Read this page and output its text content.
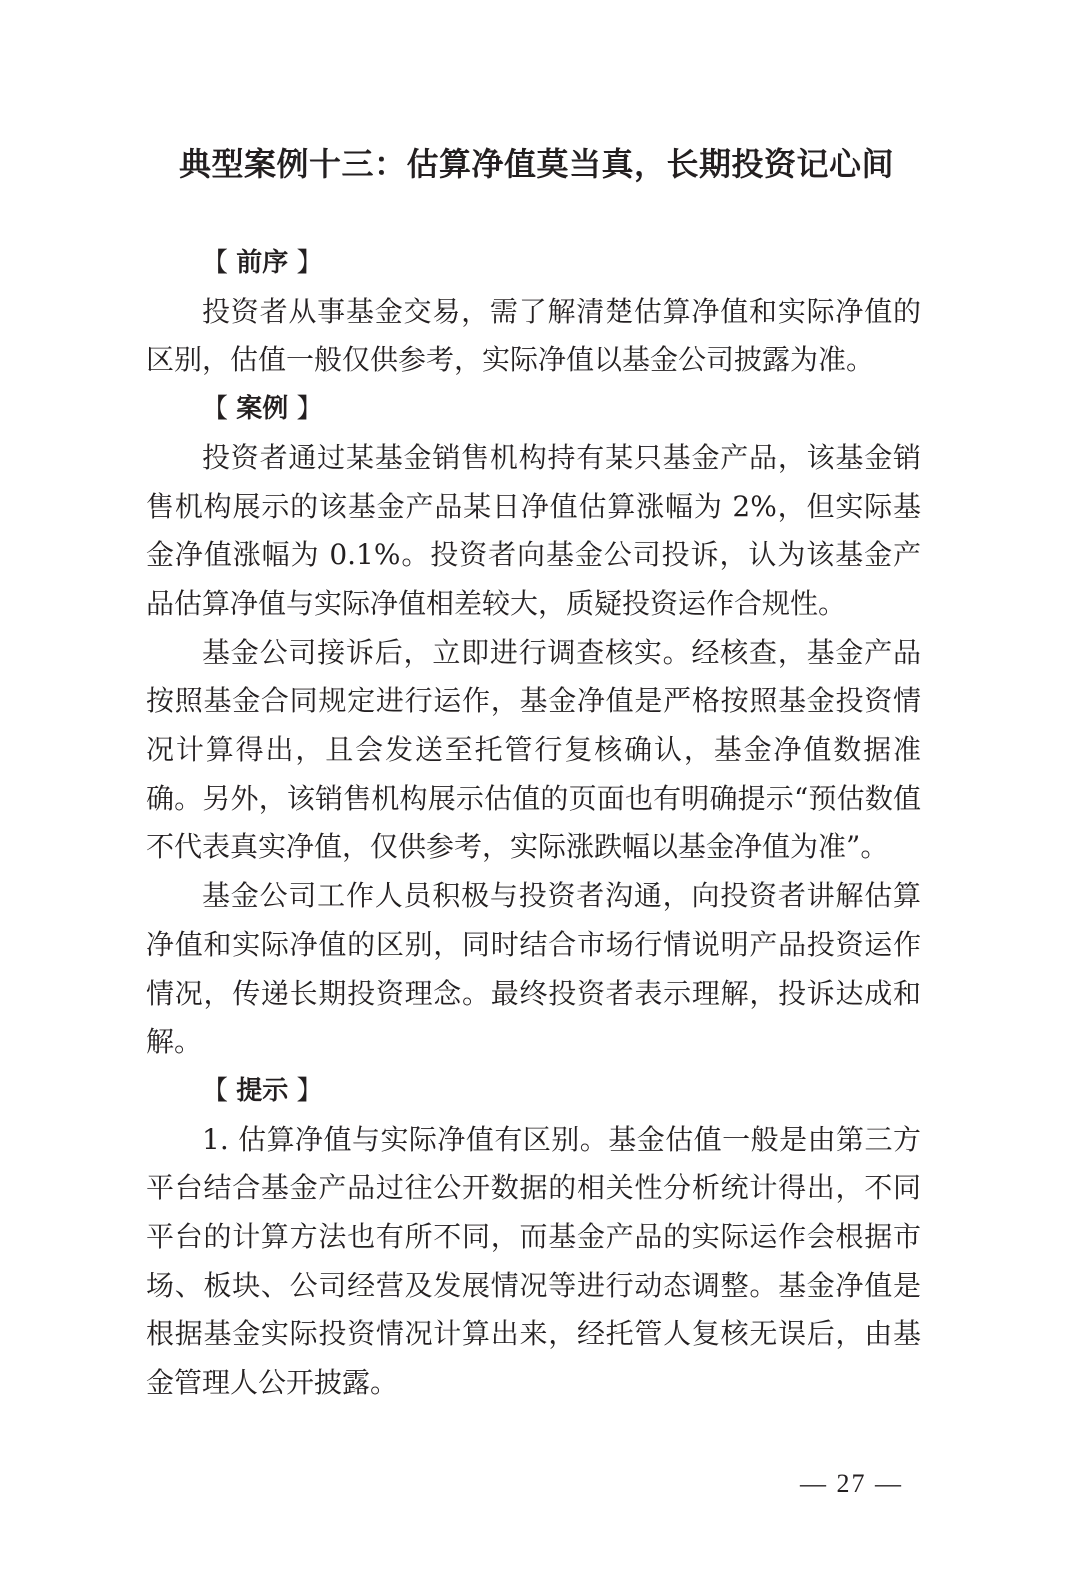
典型案例十三：估算净值莫当真，长期投资记心间
【 前序 】

投资者从事基金交易，需了解清楚估算净值和实际净值的区别，估值一般仅供参考，实际净值以基金公司披露为准。

【 案例 】

投资者通过某基金销售机构持有某只基金产品，该基金销售机构展示的该基金产品某日净值估算涨幅为 2%，但实际基金净值涨幅为 0.1%。投资者向基金公司投诉，认为该基金产品估算净值与实际净值相差较大，质疑投资运作合规性。

基金公司接诉后，立即进行调查核实。经核查，基金产品按照基金合同规定进行运作，基金净值是严格按照基金投资情况计算得出，且会发送至托管行复核确认，基金净值数据准确。另外，该销售机构展示估值的页面也有明确提示“预估数值不代表真实净值，仅供参考，实际涨跌幅以基金净值为准”。

基金公司工作人员积极与投资者沟通，向投资者讲解估算净值和实际净值的区别，同时结合市场行情说明产品投资运作情况，传递长期投资理念。最终投资者表示理解，投诉达成和解。

【 提示 】

1. 估算净值与实际净值有区别。基金估值一般是由第三方平台结合基金产品过往公开数据的相关性分析统计得出，不同平台的计算方法也有所不同，而基金产品的实际运作会根据市场、板块、公司经营及发展情况等进行动态调整。基金净值是根据基金实际投资情况计算出来，经托管人复核无误后，由基金管理人公开披露。

— 27 —
